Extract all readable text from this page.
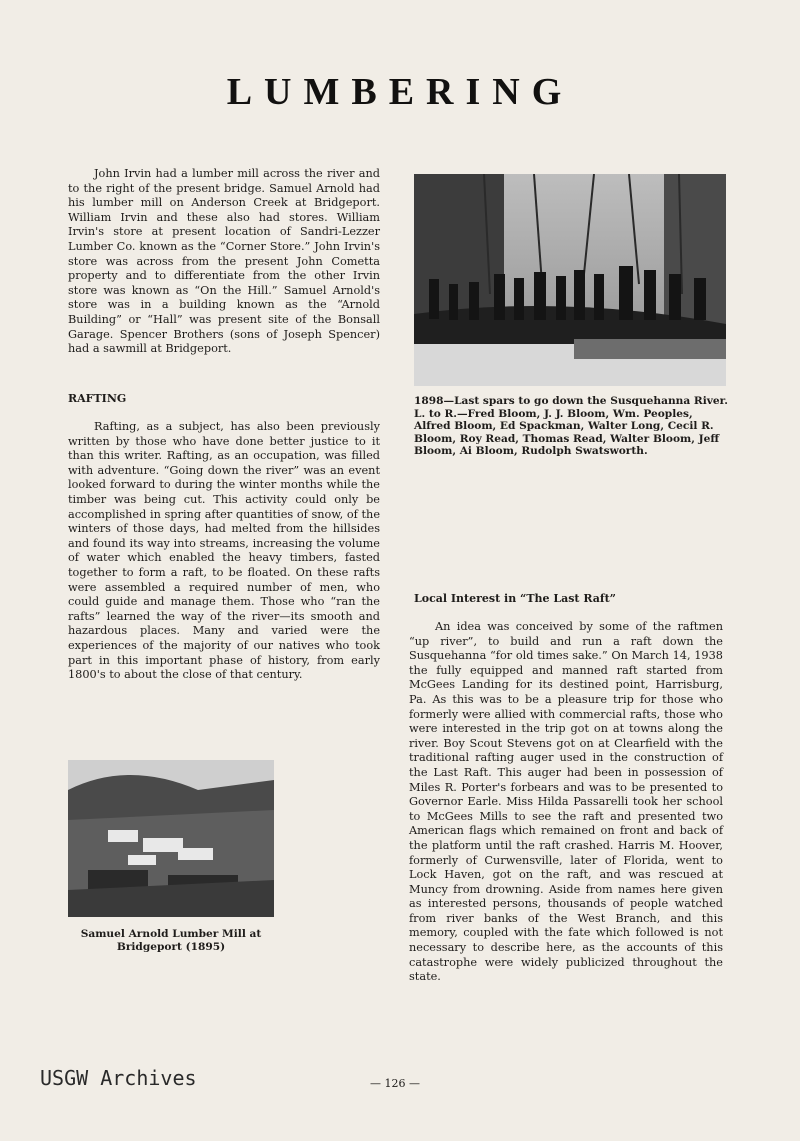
LUMBERING

John Irvin had a lumber mill across the river and to the right of the present bridge. Samuel Arnold had his lumber mill on Anderson Creek at Bridgeport. William Irvin and these also had stores. William Irvin's store at present location of Sandri-Lezzer Lumber Co. known as the “Corner Store.” John Irvin's store was across from the present John Cometta property and to differentiate from the other Irvin store was known as “On the Hill.” Samuel Arnold's store was in a building known as the “Arnold Building” or “Hall” was present site of the Bonsall Garage. Spencer Brothers (sons of Joseph Spencer) had a sawmill at Bridgeport.

RAFTING

Rafting, as a subject, has also been previously written by those who have done better justice to it than this writer. Rafting, as an occupation, was filled with adventure. “Going down the river” was an event looked forward to during the winter months while the timber was being cut. This activity could only be accomplished in spring after quantities of snow, of the winters of those days, had melted from the hillsides and found its way into streams, increasing the volume of water which enabled the heavy timbers, fasted together to form a raft, to be floated. On these rafts were assembled a required number of men, who could guide and manage them. Those who “ran the rafts” learned the way of the river—its smooth and hazardous places. Many and varied were the experiences of the majority of our natives who took part in this important phase of history, from early 1800's to about the close of that century.

1898—Last spars to go down the Susquehanna River. L. to R.—Fred Bloom, J. J. Bloom, Wm. Peoples, Alfred Bloom, Ed Spackman, Walter Long, Cecil R. Bloom, Roy Read, Thomas Read, Walter Bloom, Jeff Bloom, Ai Bloom, Rudolph Swatsworth.
Local Interest in “The Last Raft”

An idea was conceived by some of the raftmen “up river”, to build and run a raft down the Susquehanna “for old times sake.” On March 14, 1938 the fully equipped and manned raft started from McGees Landing for its destined point, Harrisburg, Pa. As this was to be a pleasure trip for those who formerly were allied with commercial rafts, those who were interested in the trip got on at towns along the river. Boy Scout Stevens got on at Clearfield with the traditional rafting auger used in the construction of the Last Raft. This auger had been in possession of Miles R. Porter's forbears and was to be presented to Governor Earle. Miss Hilda Passarelli took her school to McGees Mills to see the raft and presented two American flags which remained on front and back of the platform until the raft crashed. Harris M. Hoover, formerly of Curwensville, later of Florida, went to Lock Haven, got on the raft, and was rescued at Muncy from drowning. Aside from names here given as interested persons, thousands of people watched from river banks of the West Branch, and this memory, coupled with the fate which followed is not necessary to describe here, as the accounts of this catastrophe were widely publicized throughout the state.

Samuel Arnold Lumber Mill at
Bridgeport (1895)
— 126 —
USGW Archives
